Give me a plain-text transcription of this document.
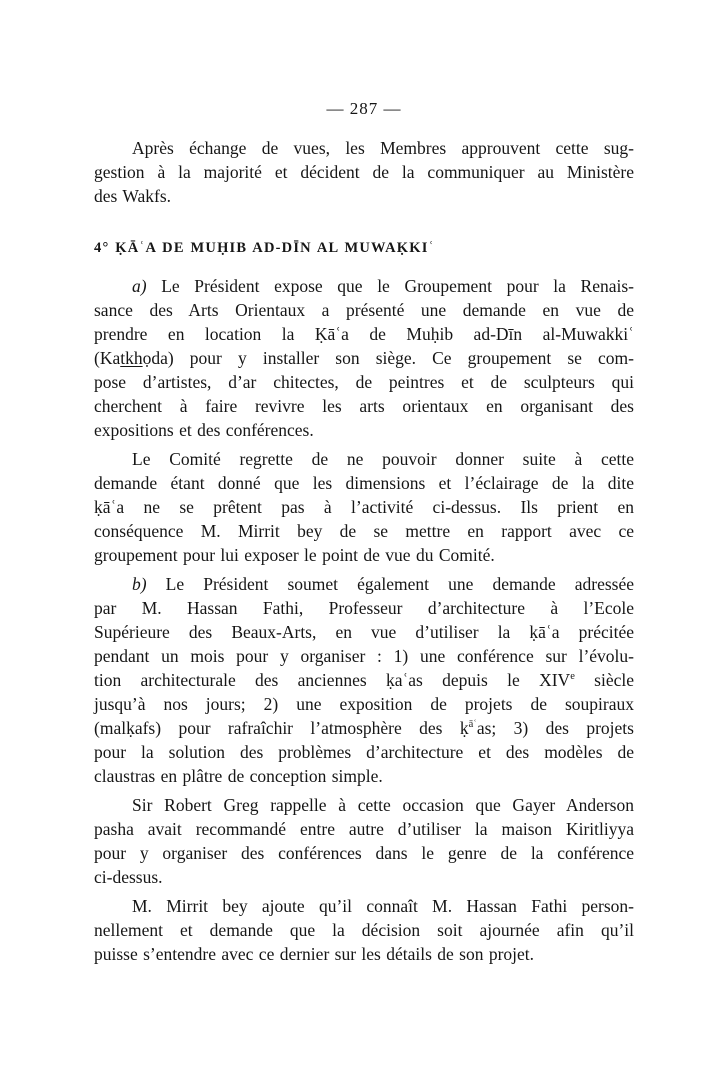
— 287 —
Après échange de vues, les Membres approuvent cette sug-
gestion à la majorité et décident de la communiquer au Ministère
des Wakfs.
4° ḲĀʿA DE MUḤIB AD-DĪN AL MUWAḲKIʿ
a) Le Président expose que le Groupement pour la Renais-
sance des Arts Orientaux a présenté une demande en vue de
prendre en location la Ḳāʿa de Muḥib ad-Dīn al-Muwakkiʿ
(Katkhọda) pour y installer son siège. Ce groupement se com-
pose d’artistes, d’ar chitectes, de peintres et de sculpteurs qui
cherchent à faire revivre les arts orientaux en organisant des
expositions et des conférences.
Le Comité regrette de ne pouvoir donner suite à cette
demande étant donné que les dimensions et l’éclairage de la dite
ḳāʿa ne se prêtent pas à l’activité ci-dessus. Ils prient en
conséquence M. Mirrit bey de se mettre en rapport avec ce
groupement pour lui exposer le point de vue du Comité.
b) Le Président soumet également une demande adressée
par M. Hassan Fathi, Professeur d’architecture à l’Ecole
Supérieure des Beaux-Arts, en vue d’utiliser la ḳāʿa précitée
pendant un mois pour y organiser : 1) une conférence sur l’évolu-
tion architecturale des anciennes ḳaʿas depuis le XIVe siècle
jusqu’à nos jours; 2) une exposition de projets de soupiraux
(malḳafs) pour rafraîchir l’atmosphère des ḳ$^{āʿ}$as; 3) des projets
pour la solution des problèmes d’architecture et des modèles de
claustras en plâtre de conception simple.
Sir Robert Greg rappelle à cette occasion que Gayer Anderson
pasha avait recommandé entre autre d’utiliser la maison Kiritliyya
pour y organiser des conférences dans le genre de la conférence
ci-dessus.
M. Mirrit bey ajoute qu’il connaît M. Hassan Fathi person-
nellement et demande que la décision soit ajournée afin qu’il
puisse s’entendre avec ce dernier sur les détails de son projet.
